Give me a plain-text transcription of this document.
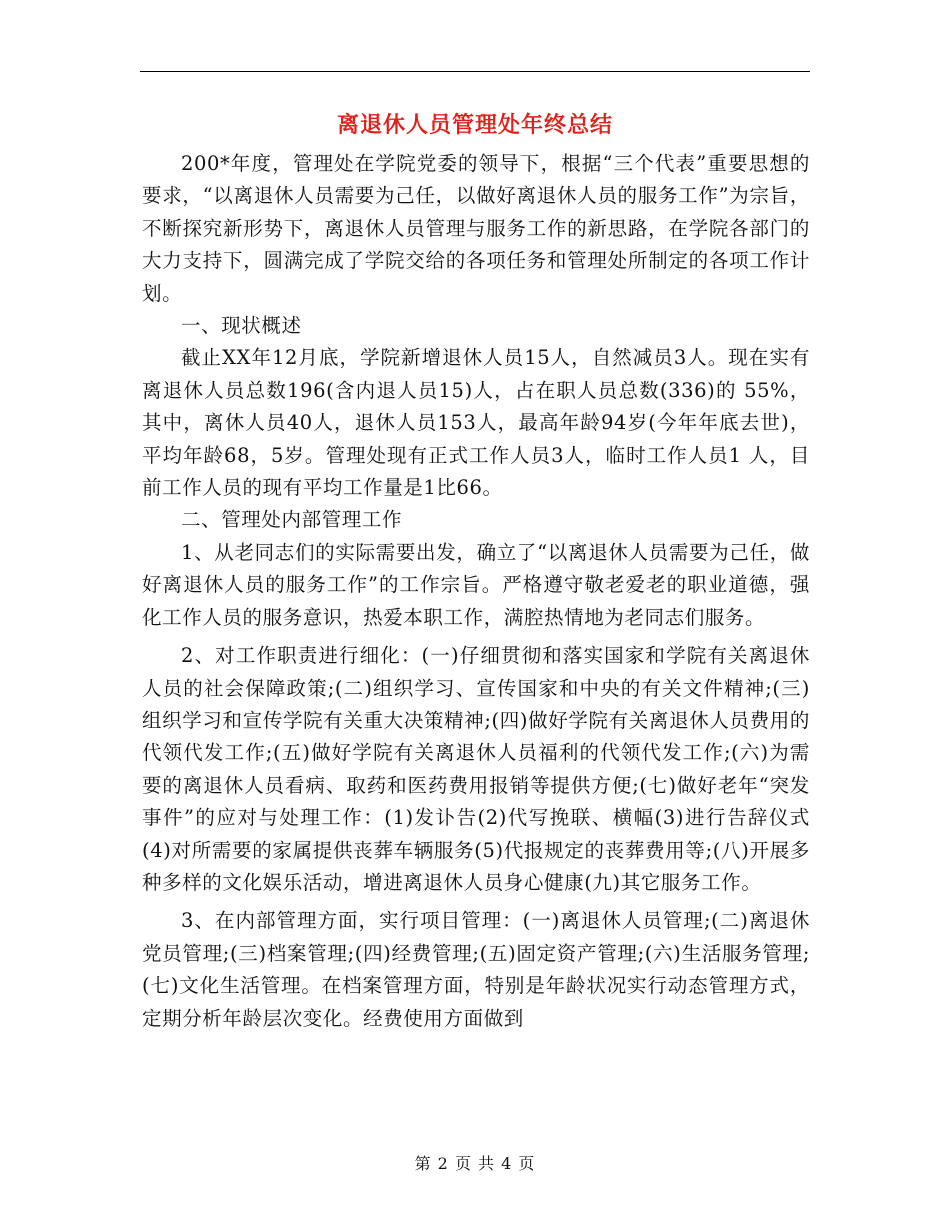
离退休人员管理处年终总结

200*年度，管理处在学院党委的领导下，根据“三个代表”重要思想的要求，“以离退休人员需要为己任，以做好离退休人员的服务工作”为宗旨，不断探究新形势下，离退休人员管理与服务工作的新思路，在学院各部门的大力支持下，圆满完成了学院交给的各项任务和管理处所制定的各项工作计划。

一、现状概述

截止XX年12月底，学院新增退休人员15人，自然减员3人。现在实有离退休人员总数196(含内退人员15)人，占在职人员总数(336)的 55%，其中，离休人员40人，退休人员153人，最高年龄94岁(今年年底去世)，平均年龄68，5岁。管理处现有正式工作人员3人，临时工作人员1 人，目前工作人员的现有平均工作量是1比66。

二、管理处内部管理工作

1、从老同志们的实际需要出发，确立了“以离退休人员需要为己任，做好离退休人员的服务工作”的工作宗旨。严格遵守敬老爱老的职业道德，强化工作人员的服务意识，热爱本职工作，满腔热情地为老同志们服务。

2、对工作职责进行细化：(一)仔细贯彻和落实国家和学院有关离退休人员的社会保障政策;(二)组织学习、宣传国家和中央的有关文件精神;(三)组织学习和宣传学院有关重大决策精神;(四)做好学院有关离退休人员费用的代领代发工作;(五)做好学院有关离退休人员福利的代领代发工作;(六)为需要的离退休人员看病、取药和医药费用报销等提供方便;(七)做好老年“突发事件”的应对与处理工作：(1)发讣告(2)代写挽联、横幅(3)进行告辞仪式(4)对所需要的家属提供丧葬车辆服务(5)代报规定的丧葬费用等;(八)开展多种多样的文化娱乐活动，增进离退休人员身心健康(九)其它服务工作。

3、在内部管理方面，实行项目管理：(一)离退休人员管理;(二)离退休党员管理;(三)档案管理;(四)经费管理;(五)固定资产管理;(六)生活服务管理;(七)文化生活管理。在档案管理方面，特别是年龄状况实行动态管理方式，定期分析年龄层次变化。经费使用方面做到

第 2 页 共 4 页
